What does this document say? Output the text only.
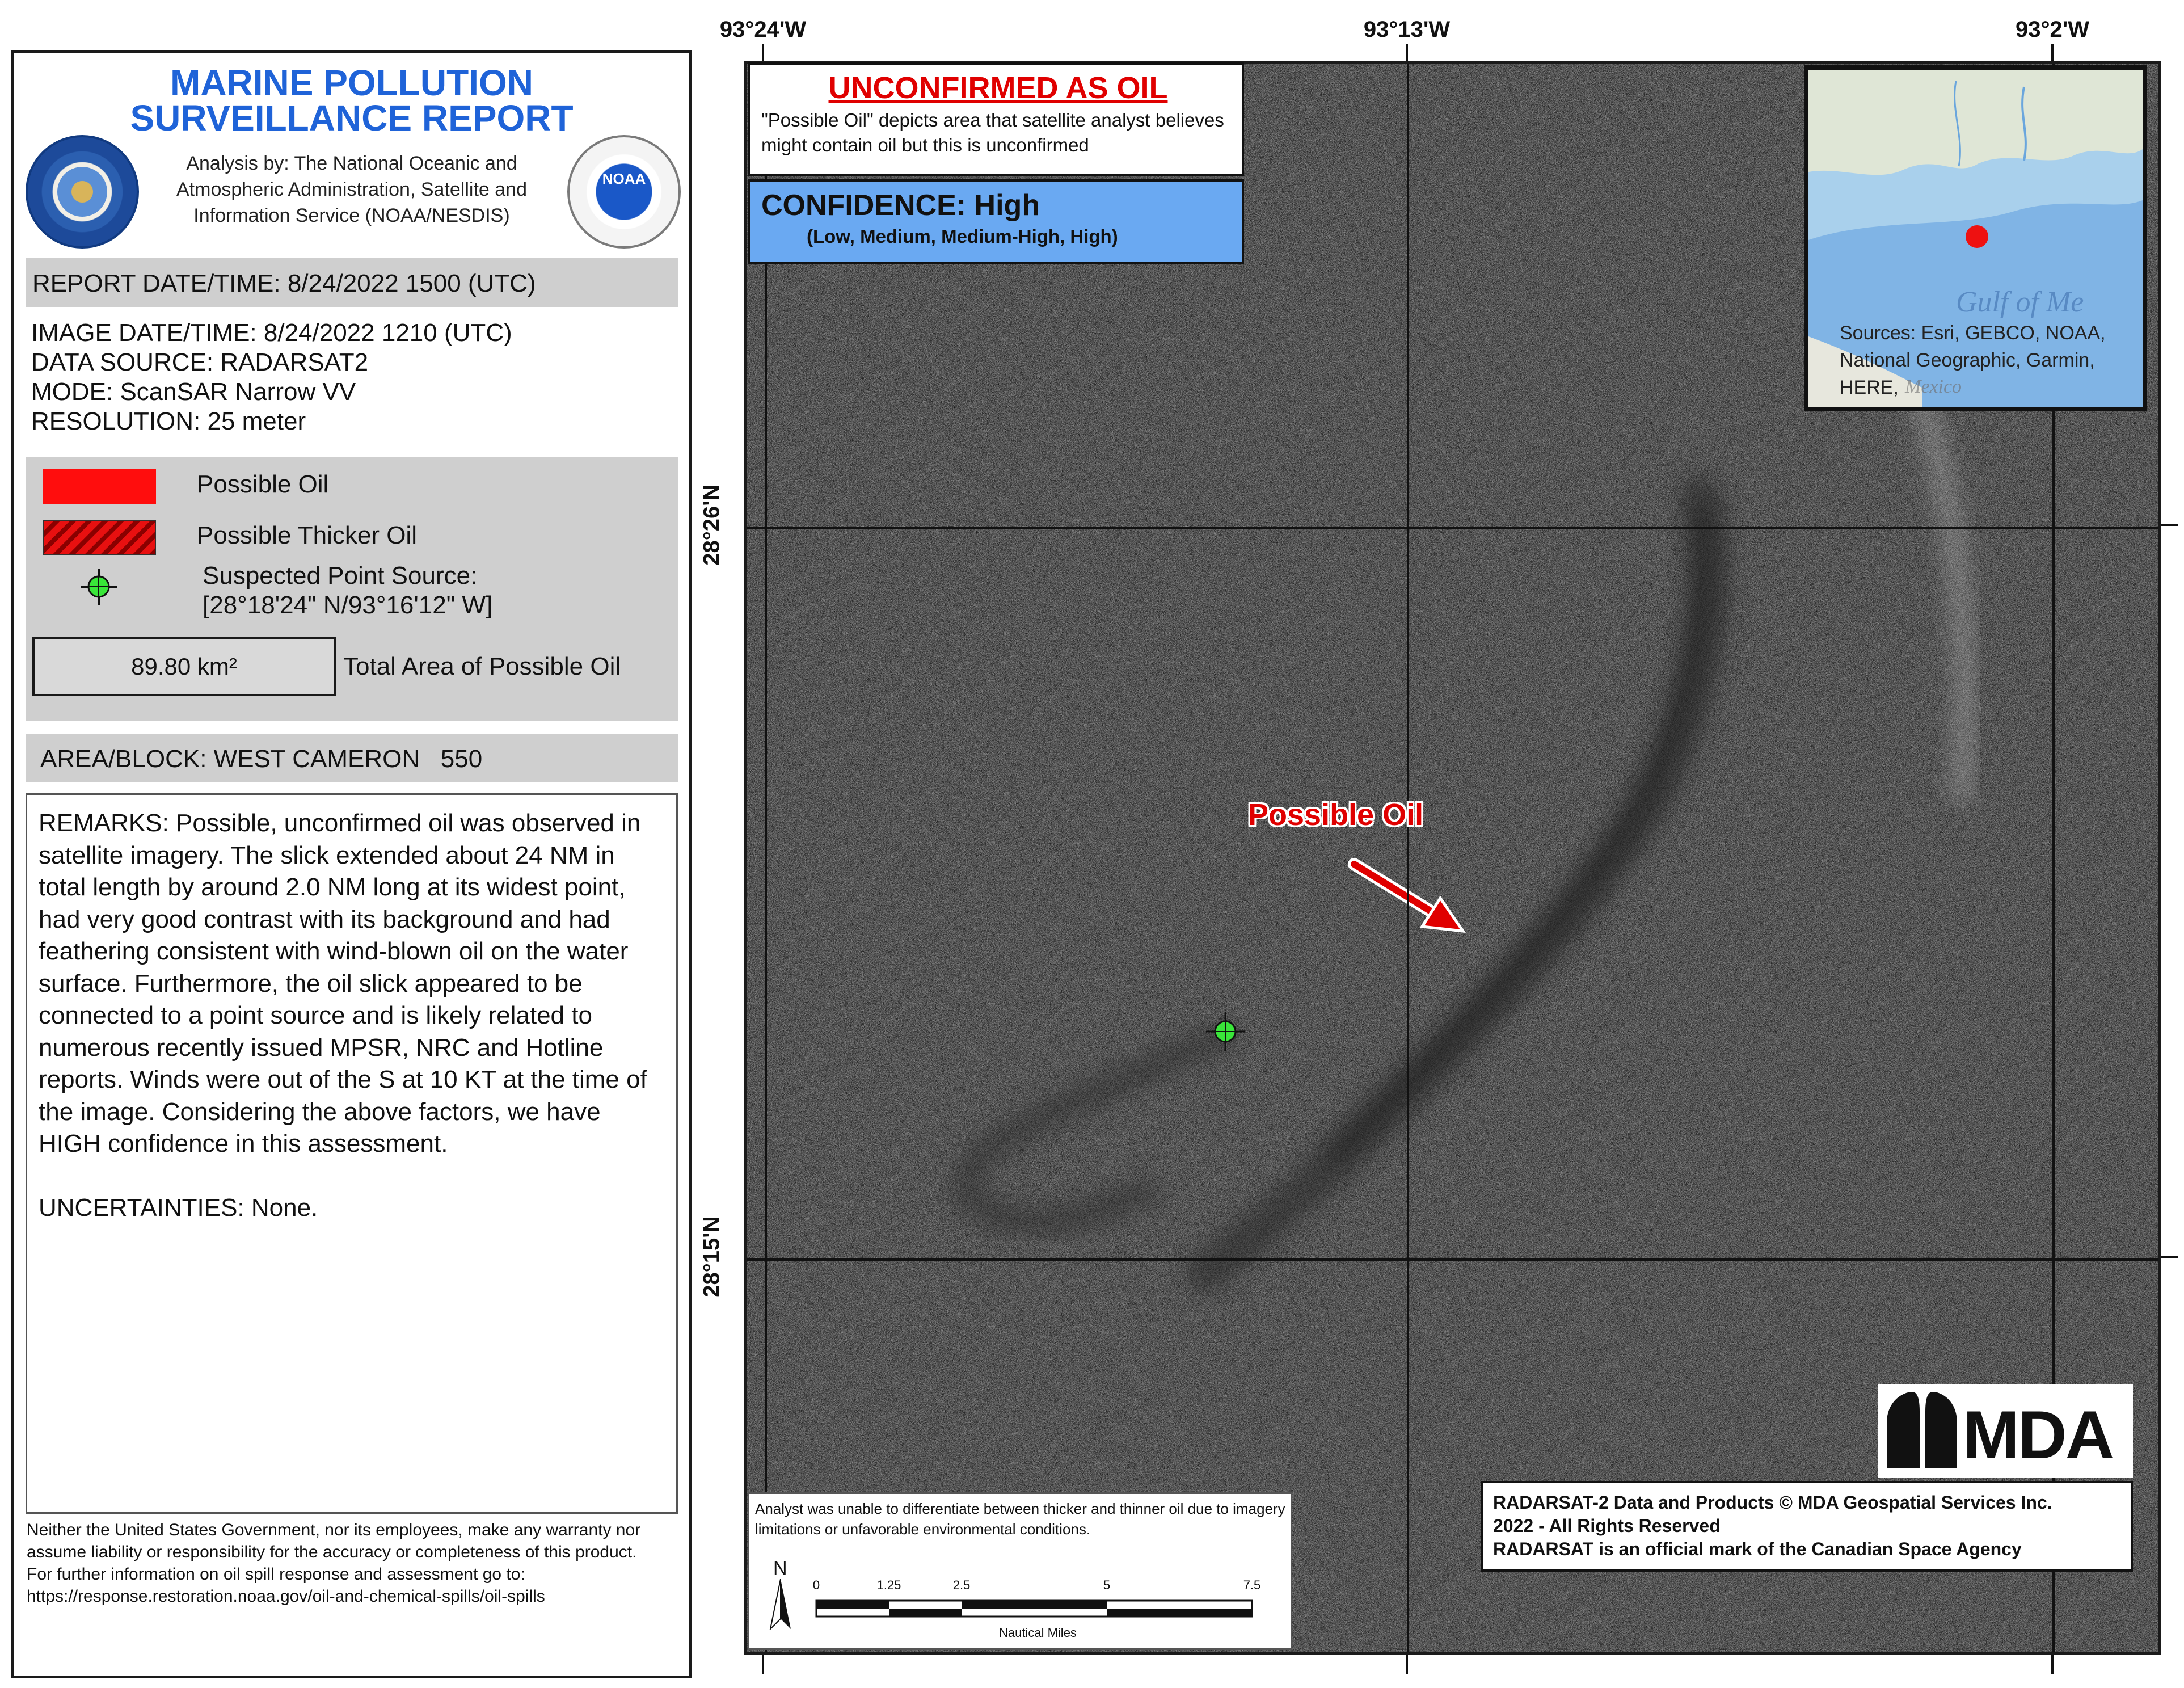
MARINE POLLUTION
SURVEILLANCE REPORT
Analysis by: The National Oceanic and Atmospheric Administration, Satellite and Information Service (NOAA/NESDIS)
NOAA
REPORT DATE/TIME: 8/24/2022 1500 (UTC)
IMAGE DATE/TIME: 8/24/2022 1210 (UTC)
DATA SOURCE: RADARSAT2
MODE: ScanSAR Narrow VV
RESOLUTION: 25 meter
Possible Oil
Possible Thicker Oil
Suspected Point Source:
[28°18'24" N/93°16'12" W]
89.80 km²	Total Area of Possible Oil
AREA/BLOCK: WEST CAMERON   550
REMARKS: Possible, unconfirmed oil was observed in satellite imagery. The slick extended about 24 NM in total length by around 2.0 NM long at its widest point, had very good contrast with its background and had feathering consistent with wind-blown oil on the water surface. Furthermore, the oil slick appeared to be connected to a point source and is likely related to numerous recently issued MPSR, NRC and Hotline reports. Winds were out of the S at 10 KT at the time of the image. Considering the above factors, we have HIGH confidence in this assessment.

UNCERTAINTIES: None.
Neither the United States Government, nor its employees, make any warranty nor assume liability or responsibility for the accuracy or completeness of this product.
For further information on oil spill response and assessment go to:
https://response.restoration.noaa.gov/oil-and-chemical-spills/oil-spills
93°24'W	93°13'W	93°2'W
28°26'N
28°15'N
Possible Oil
UNCONFIRMED AS OIL
"Possible Oil" depicts area that satellite analyst believes might contain oil but this is unconfirmed
CONFIDENCE: High
(Low, Medium, Medium-High, High)
Gulf of Me
Mexico
Sources: Esri, GEBCO, NOAA, National Geographic, Garmin, HERE,
MDA
RADARSAT-2 Data and Products © MDA Geospatial Services Inc.
2022 - All Rights Reserved
RADARSAT is an official mark of the Canadian Space Agency
Analyst was unable to differentiate between thicker and thinner oil due to imagery limitations or unfavorable environmental conditions.
N
0	1.25	2.5	5	7.5
Nautical Miles
